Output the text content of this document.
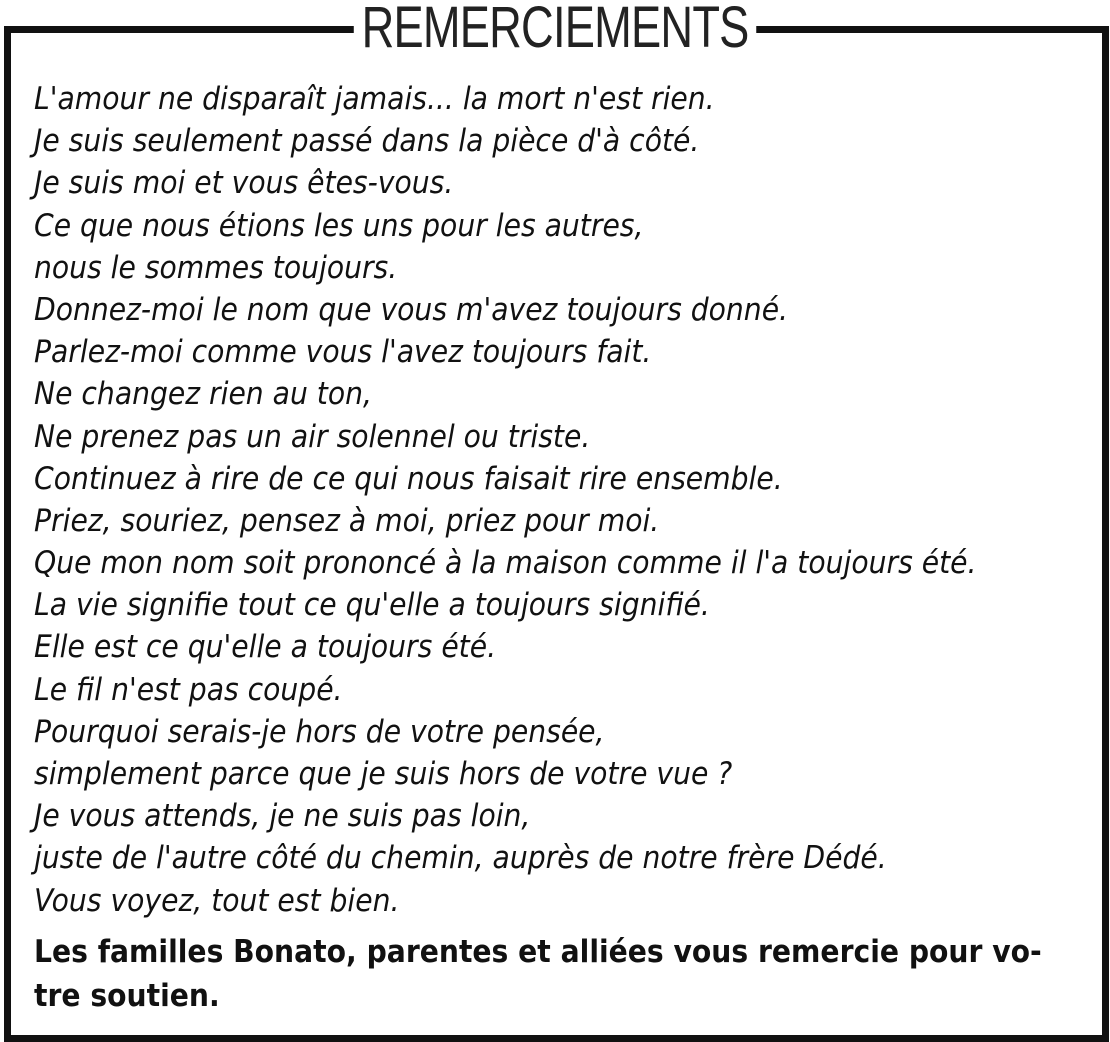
REMERCIEMENTS
L'amour ne disparaît jamais... la mort n'est rien.
Je suis seulement passé dans la pièce d'à côté.
Je suis moi et vous êtes-vous.
Ce que nous étions les uns pour les autres,
nous le sommes toujours.
Donnez-moi le nom que vous m'avez toujours donné.
Parlez-moi comme vous l'avez toujours fait.
Ne changez rien au ton,
Ne prenez pas un air solennel ou triste.
Continuez à rire de ce qui nous faisait rire ensemble.
Priez, souriez, pensez à moi, priez pour moi.
Que mon nom soit prononcé à la maison comme il l'a toujours été.
La vie signifie tout ce qu'elle a toujours signifié.
Elle est ce qu'elle a toujours été.
Le fil n'est pas coupé.
Pourquoi serais-je hors de votre pensée,
simplement parce que je suis hors de votre vue ?
Je vous attends, je ne suis pas loin,
juste de l'autre côté du chemin, auprès de notre frère Dédé.
Vous voyez, tout est bien.
Les familles Bonato, parentes et alliées vous remercie pour vo-
tre soutien.
